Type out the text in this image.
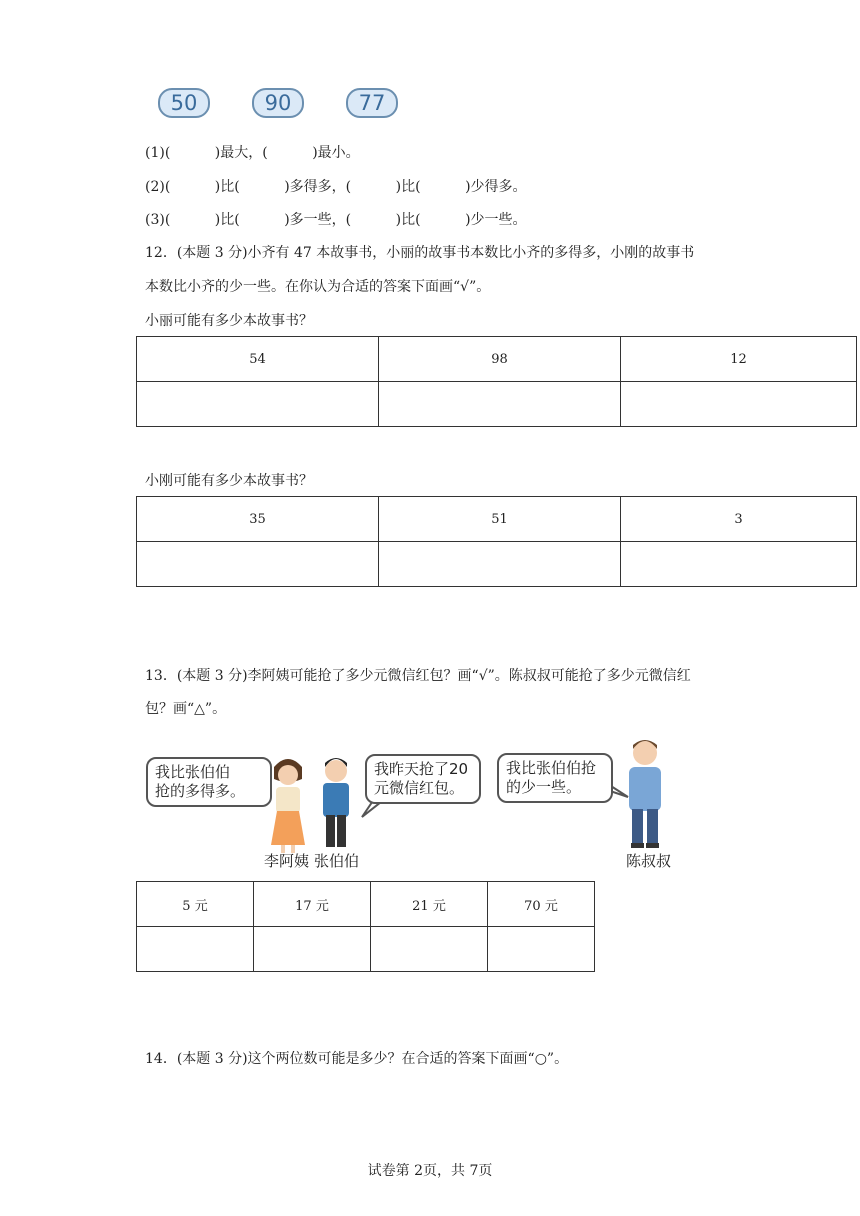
50	90	77
(1)(          )最大，(          )最小。
(2)(          )比(          )多得多，(          )比(          )少得多。
(3)(          )比(          )多一些，(          )比(          )少一些。
12．(本题 3 分)小齐有 47 本故事书，小丽的故事书本数比小齐的多得多，小刚的故事书
本数比小齐的少一些。在你认为合适的答案下面画“√”。
小丽可能有多少本故事书？
54	98	12

小刚可能有多少本故事书？
35	51	3

13．(本题 3 分)李阿姨可能抢了多少元微信红包？画“√”。陈叔叔可能抢了多少元微信红
包？画“△”。
我比张伯伯
抢的多得多。
我昨天抢了20
元微信红包。
我比张伯伯抢
的少一些。
李阿姨 张伯伯	陈叔叔
5 元	17 元	21 元	70 元

14．(本题 3 分)这个两位数可能是多少？在合适的答案下面画“○”。
试卷第 2页，共 7页
